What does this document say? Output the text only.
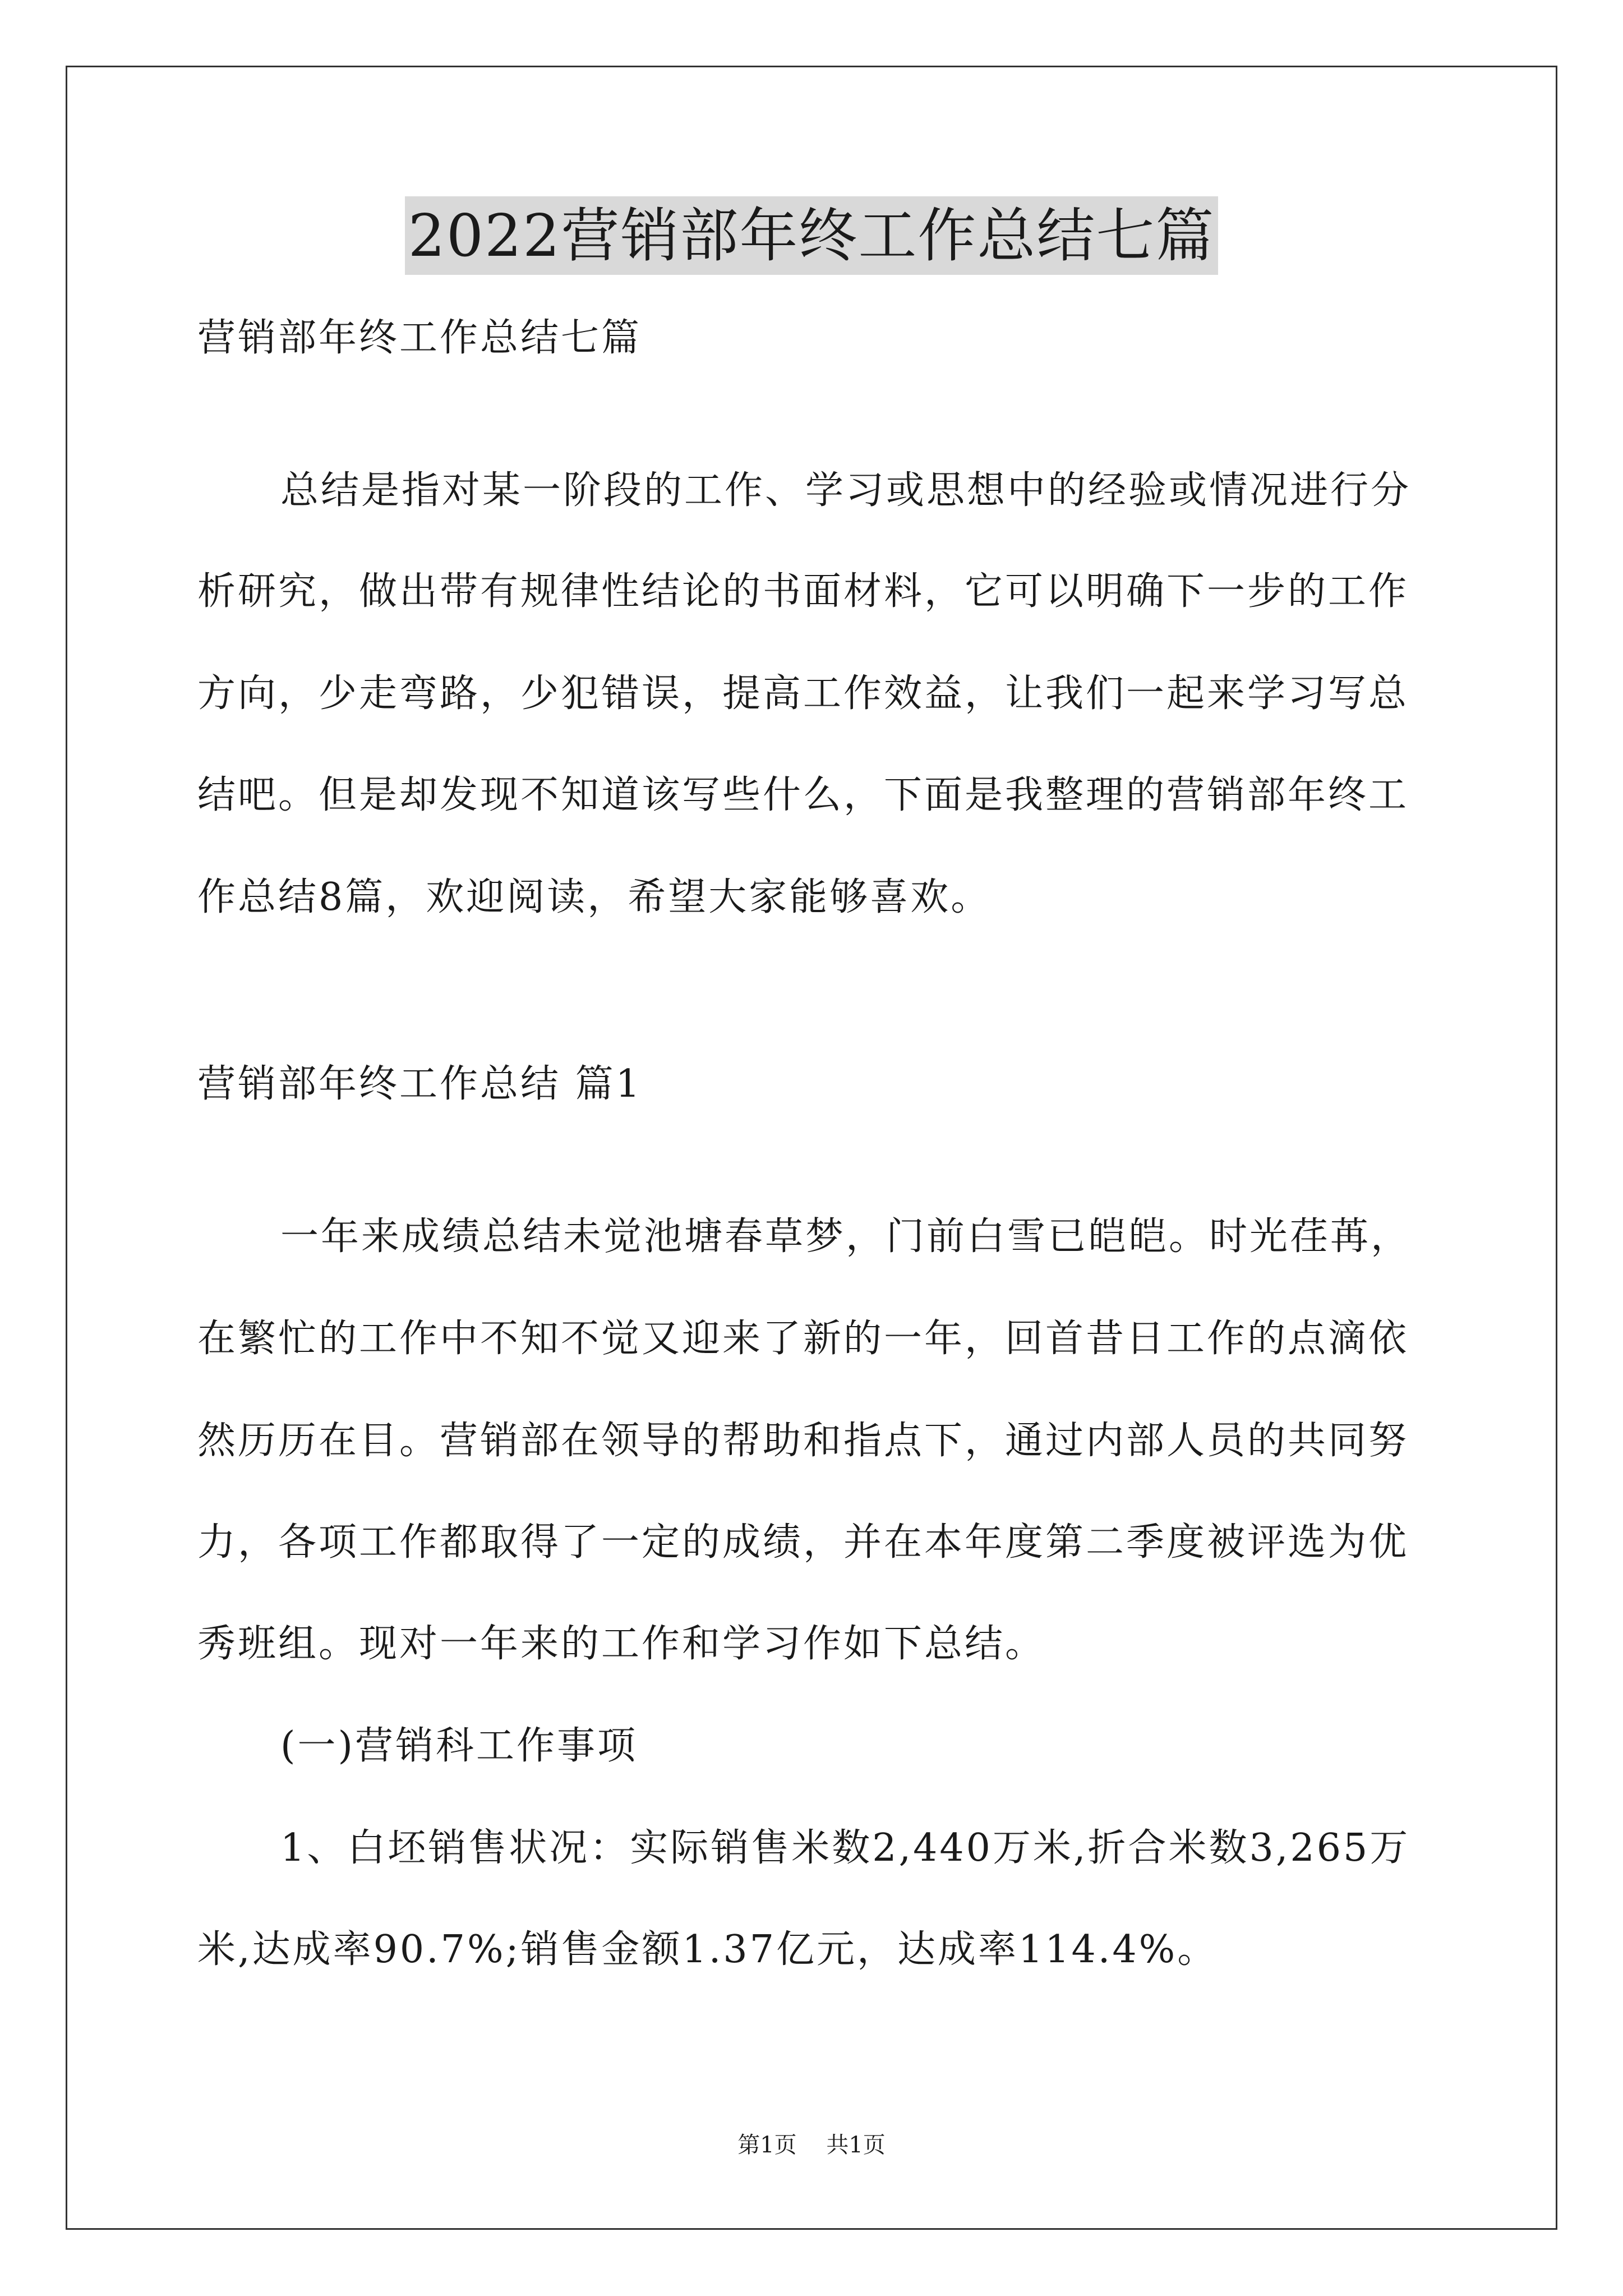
2022营销部年终工作总结七篇
营销部年终工作总结七篇
总结是指对某一阶段的工作、学习或思想中的经验或情况进行分
析研究，做出带有规律性结论的书面材料，它可以明确下一步的工作
方向，少走弯路，少犯错误，提高工作效益，让我们一起来学习写总
结吧。但是却发现不知道该写些什么，下面是我整理的营销部年终工
作总结8篇，欢迎阅读，希望大家能够喜欢。
营销部年终工作总结 篇1
一年来成绩总结未觉池塘春草梦，门前白雪已皑皑。时光荏苒，
在繁忙的工作中不知不觉又迎来了新的一年，回首昔日工作的点滴依
然历历在目。营销部在领导的帮助和指点下，通过内部人员的共同努
力，各项工作都取得了一定的成绩，并在本年度第二季度被评选为优
秀班组。现对一年来的工作和学习作如下总结。
(一)营销科工作事项
1、白坯销售状况：实际销售米数2,440万米,折合米数3,265万
米,达成率90.7%;销售金额1.37亿元，达成率114.4%。
第1页 共1页
